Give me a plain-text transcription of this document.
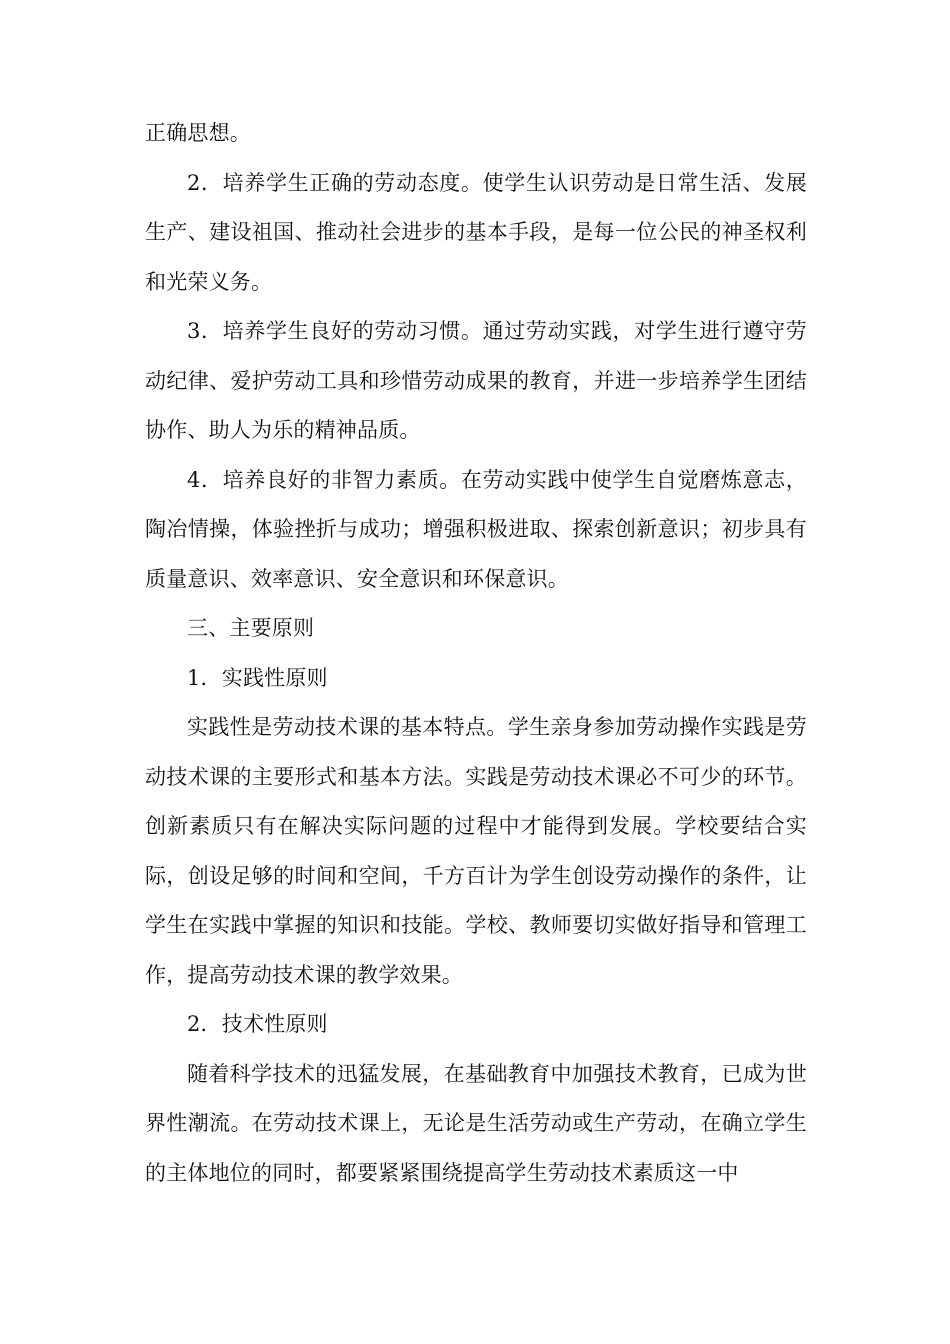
正确思想。

2．培养学生正确的劳动态度。使学生认识劳动是日常生活、发展生产、建设祖国、推动社会进步的基本手段，是每一位公民的神圣权利和光荣义务。

3．培养学生良好的劳动习惯。通过劳动实践，对学生进行遵守劳动纪律、爱护劳动工具和珍惜劳动成果的教育，并进一步培养学生团结协作、助人为乐的精神品质。

4．培养良好的非智力素质。在劳动实践中使学生自觉磨炼意志，陶冶情操，体验挫折与成功；增强积极进取、探索创新意识；初步具有质量意识、效率意识、安全意识和环保意识。

三、主要原则

1．实践性原则

实践性是劳动技术课的基本特点。学生亲身参加劳动操作实践是劳动技术课的主要形式和基本方法。实践是劳动技术课必不可少的环节。创新素质只有在解决实际问题的过程中才能得到发展。学校要结合实际，创设足够的时间和空间，千方百计为学生创设劳动操作的条件，让学生在实践中掌握的知识和技能。学校、教师要切实做好指导和管理工作，提高劳动技术课的教学效果。

2．技术性原则

随着科学技术的迅猛发展，在基础教育中加强技术教育，已成为世界性潮流。在劳动技术课上，无论是生活劳动或生产劳动，在确立学生的主体地位的同时，都要紧紧围绕提高学生劳动技术素质这一中
